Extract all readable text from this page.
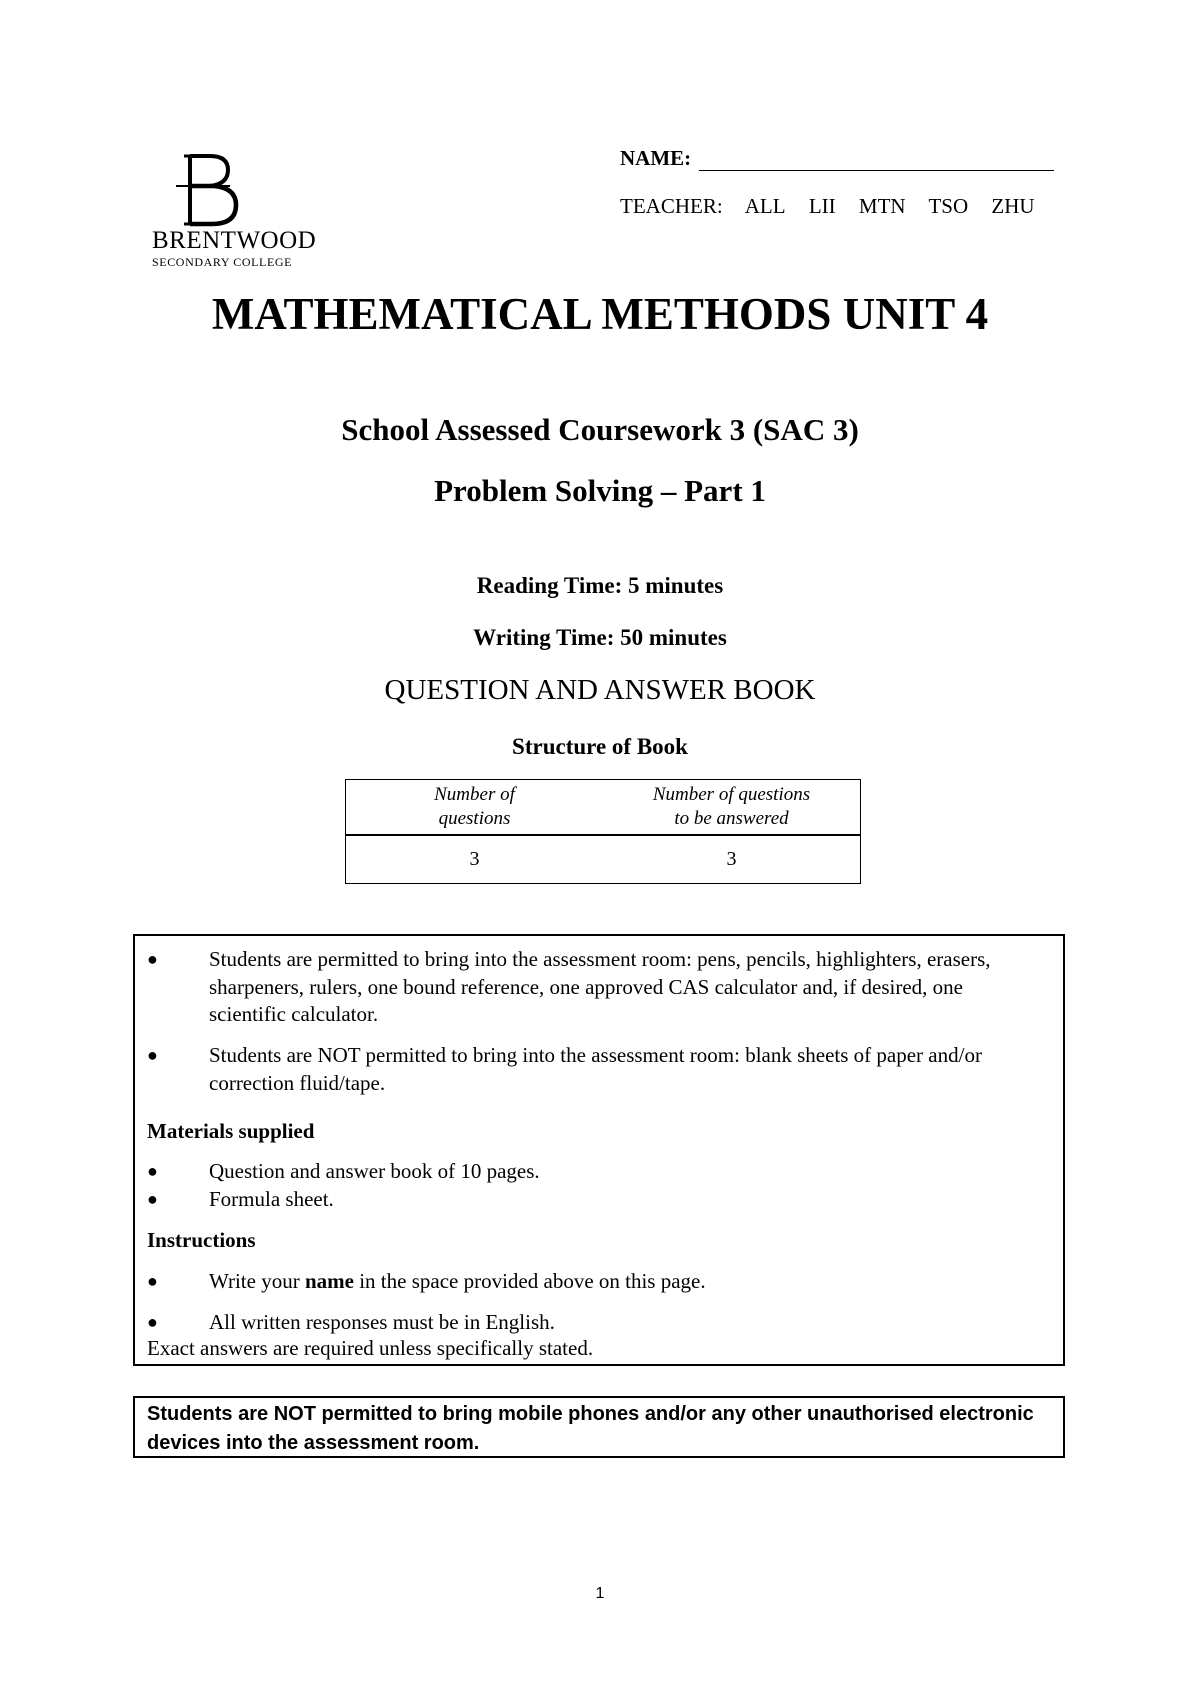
BRENTWOOD
SECONDARY COLLEGE
NAME:
TEACHER: ALL LII MTN TSO ZHU
MATHEMATICAL METHODS UNIT 4
School Assessed Coursework 3 (SAC 3)
Problem Solving – Part 1
Reading Time: 5 minutes
Writing Time: 50 minutes
QUESTION AND ANSWER BOOK
Structure of Book
Number of
questions
Number of questions
to be answered
3	3
● Students are permitted to bring into the assessment room: pens, pencils, highlighters, erasers, sharpeners, rulers, one bound reference, one approved CAS calculator and, if desired, one scientific calculator.
● Students are NOT permitted to bring into the assessment room: blank sheets of paper and/or correction fluid/tape.
Materials supplied
● Question and answer book of 10 pages.
● Formula sheet.
Instructions
● Write your name in the space provided above on this page.
● All written responses must be in English.
Exact answers are required unless specifically stated.
Students are NOT permitted to bring mobile phones and/or any other unauthorised electronic devices into the assessment room.
1
